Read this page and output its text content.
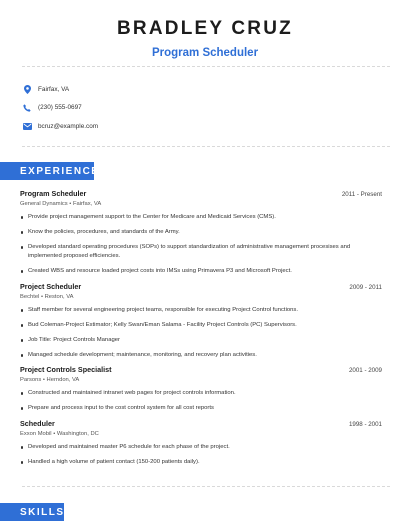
BRADLEY CRUZ
Program Scheduler
Fairfax, VA
(230) 555-0697
bcruz@example.com
EXPERIENCE
Program Scheduler	2011 - Present
General Dynamics • Fairfax, VA
Provide project management support to the Center for Medicare and Medicaid Services (CMS).
Know the policies, procedures, and standards of the Army.
Developed standard operating procedures (SOPs) to support standardization of administrative management procesises and implemented proposed efficiencies.
Created WBS and resource loaded project costs into IMSs using Primavera P3 and Microsoft Project.
Project Scheduler	2009 - 2011
Bechtel • Reston, VA
Staff member for several engineering project teams, responsible for executing Project Control functions.
Bud Coleman-Project Estimator; Kelly Swan/Eman Salama - Facility Project Controls (PC) Supervisors.
Job Title: Project Controls Manager
Managed schedule development; maintenance, monitoring, and recovery plan activities.
Project Controls Specialist	2001 - 2009
Parsons • Herndon, VA
Constructed and maintained intranet web pages for project controls information.
Prepare and process input to the cost control system for all cost reports
Scheduler	1998 - 2001
Exxon Mobil • Washington, DC
Developed and maintained master P6 schedule for each phase of the project.
Handled a high volume of patient contact (150-200 patients daily).
SKILLS
